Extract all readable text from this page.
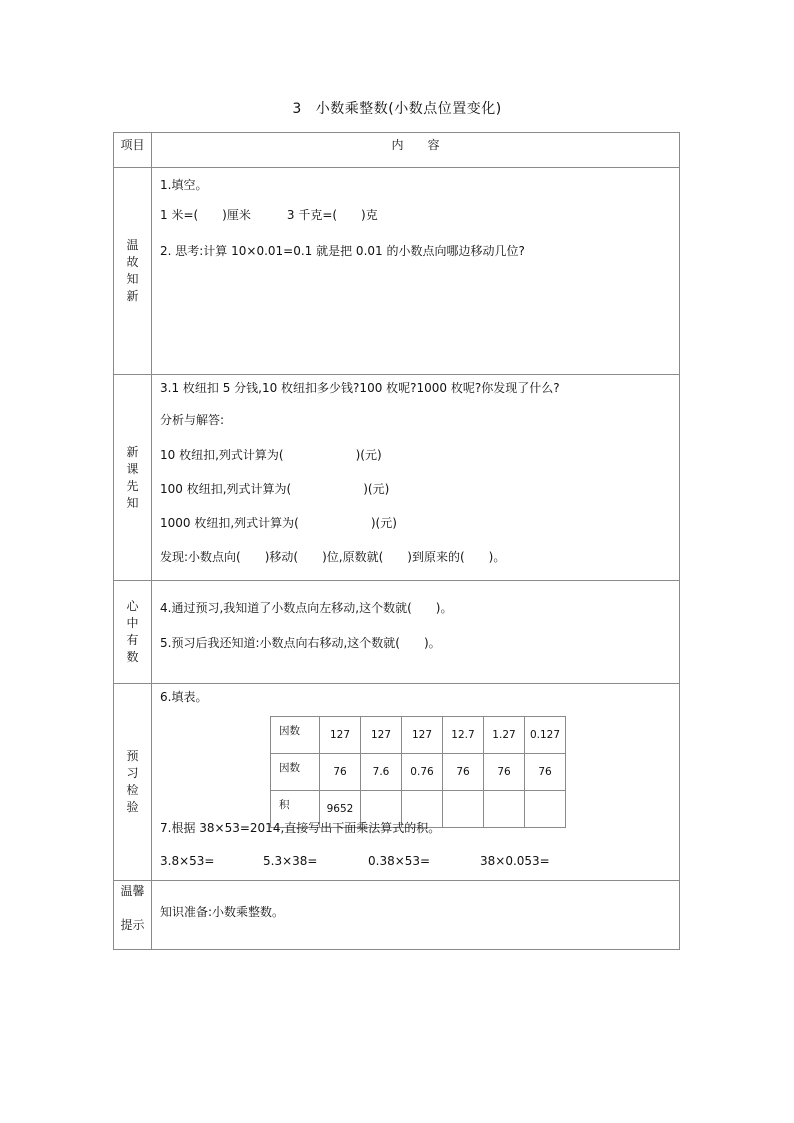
3 小数乘整数(小数点位置变化)
项目	内　　容

温故知新	
1.填空。
1 米=(　　)厘米　　　3 千克=(　　)克
2. 思考:计算 10×0.01=0.1 就是把 0.01 的小数点向哪边移动几位?

新课先知	
3.1 枚纽扣 5 分钱,10 枚纽扣多少钱?100 枚呢?1000 枚呢?你发现了什么?
分析与解答:
10 枚纽扣,列式计算为(　　　　　　)(元)
100 枚纽扣,列式计算为(　　　　　　)(元)
1000 枚纽扣,列式计算为(　　　　　　)(元)
发现:小数点向(　　)移动(　　)位,原数就(　　)到原来的(　　)。

心中有数	
4.通过预习,我知道了小数点向左移动,这个数就(　　)。
5.预习后我还知道:小数点向右移动,这个数就(　　)。

预习检验	
6.填表。
因数	127	127	127	12.7	1.27	0.127
因数	76	7.6	0.76	76	76	76
积	9652					
7.根据 38×53=2014,直接写出下面乘法算式的积。
3.8×53=	5.3×38=	0.38×53=	38×0.053=

温馨
提示

知识准备:小数乘整数。
